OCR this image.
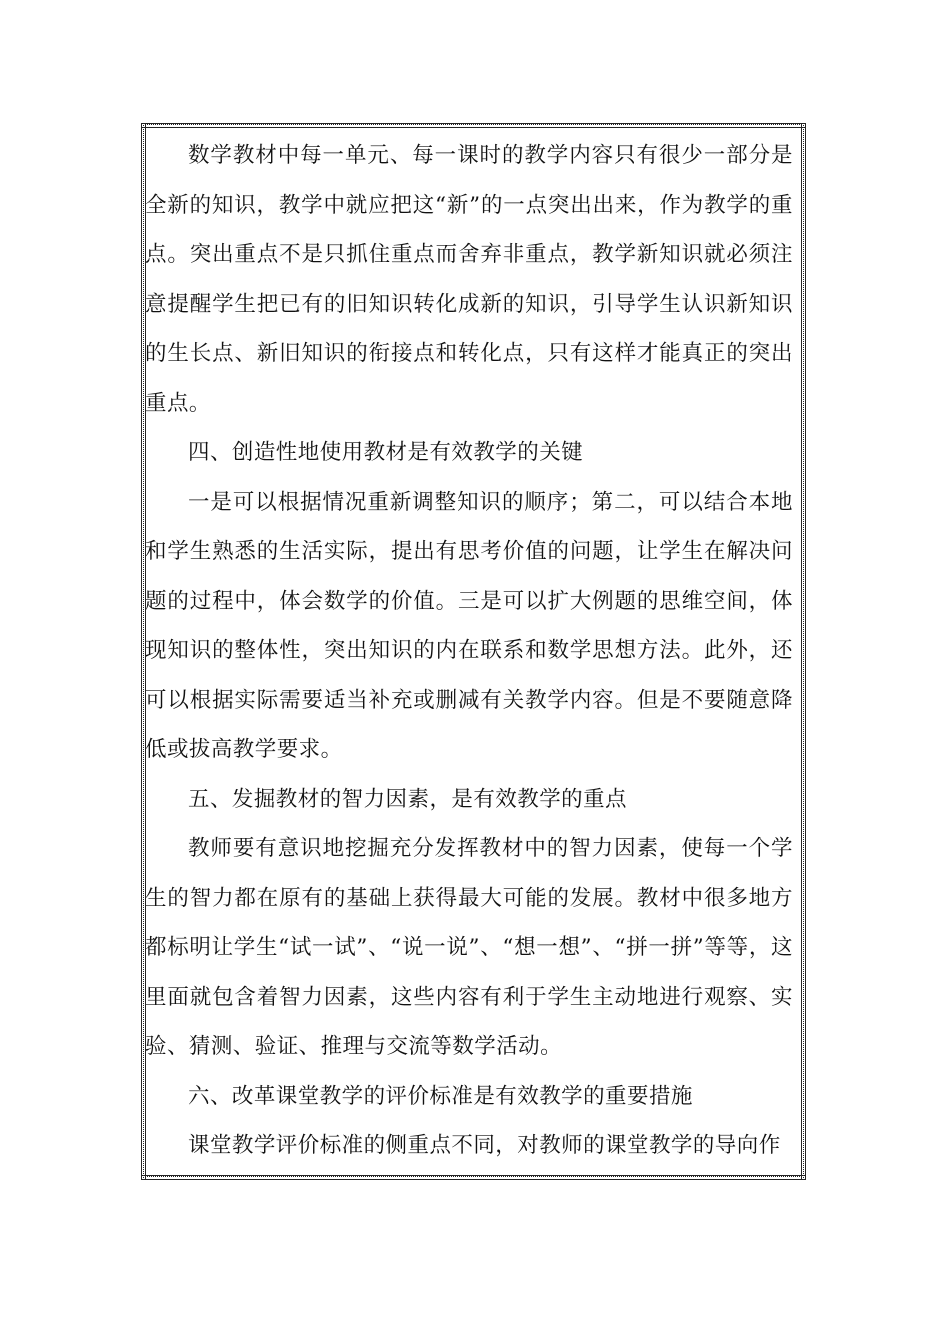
数学教材中每一单元、每一课时的教学内容只有很少一部分是全新的知识，教学中就应把这“新”的一点突出出来，作为教学的重点。突出重点不是只抓住重点而舍弃非重点，教学新知识就必须注意提醒学生把已有的旧知识转化成新的知识，引导学生认识新知识的生长点、新旧知识的衔接点和转化点，只有这样才能真正的突出重点。

四、创造性地使用教材是有效教学的关键

一是可以根据情况重新调整知识的顺序；第二，可以结合本地和学生熟悉的生活实际，提出有思考价值的问题，让学生在解决问题的过程中，体会数学的价值。三是可以扩大例题的思维空间，体现知识的整体性，突出知识的内在联系和数学思想方法。此外，还可以根据实际需要适当补充或删减有关教学内容。但是不要随意降低或拔高教学要求。

五、发掘教材的智力因素，是有效教学的重点

教师要有意识地挖掘充分发挥教材中的智力因素，使每一个学生的智力都在原有的基础上获得最大可能的发展。教材中很多地方都标明让学生“试一试”、“说一说”、“想一想”、“拼一拼”等等，这里面就包含着智力因素，这些内容有利于学生主动地进行观察、实验、猜测、验证、推理与交流等数学活动。

六、改革课堂教学的评价标准是有效教学的重要措施

课堂教学评价标准的侧重点不同，对教师的课堂教学的导向作
